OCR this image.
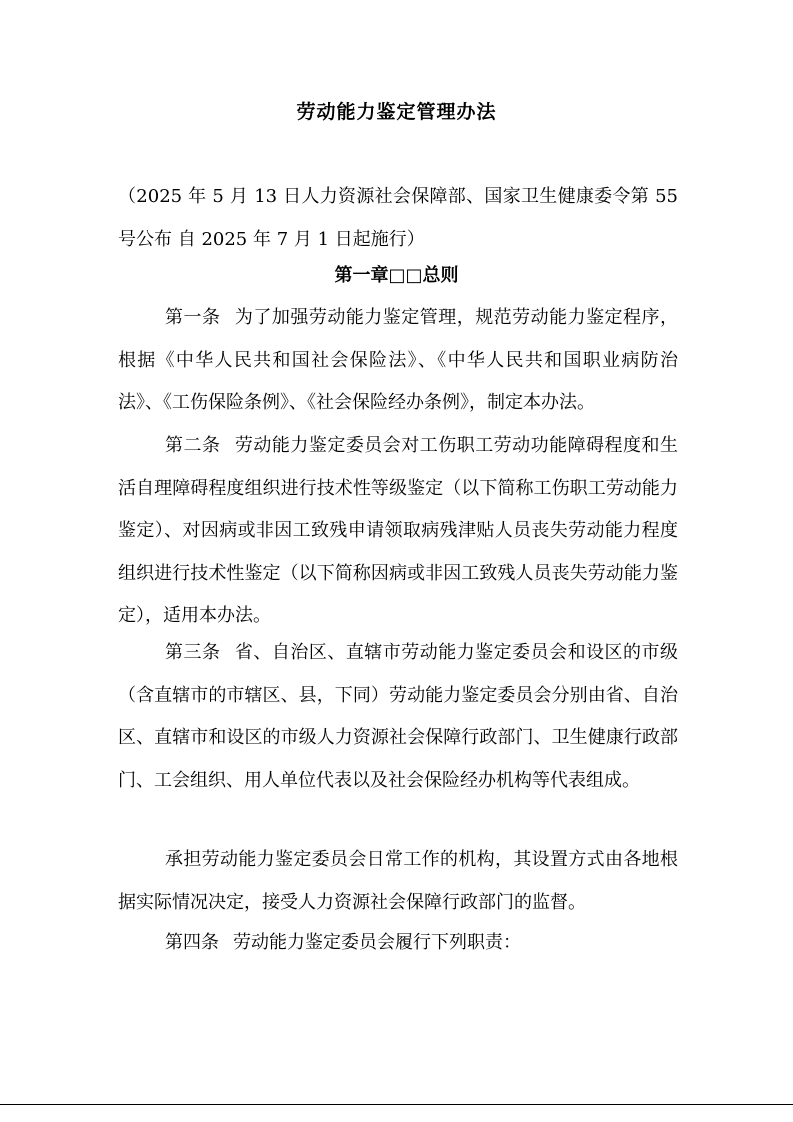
劳动能力鉴定管理办法

（2025 年 5 月 13 日人力资源社会保障部、国家卫生健康委令第 55 号公布 自 2025 年 7 月 1 日起施行）

第一章□□总则

第一条 为了加强劳动能力鉴定管理，规范劳动能力鉴定程序，根据《中华人民共和国社会保险法》、《中华人民共和国职业病防治法》、《工伤保险条例》、《社会保险经办条例》，制定本办法。

第二条 劳动能力鉴定委员会对工伤职工劳动功能障碍程度和生活自理障碍程度组织进行技术性等级鉴定（以下简称工伤职工劳动能力鉴定）、对因病或非因工致残申请领取病残津贴人员丧失劳动能力程度组织进行技术性鉴定（以下简称因病或非因工致残人员丧失劳动能力鉴定），适用本办法。

第三条 省、自治区、直辖市劳动能力鉴定委员会和设区的市级（含直辖市的市辖区、县，下同）劳动能力鉴定委员会分别由省、自治区、直辖市和设区的市级人力资源社会保障行政部门、卫生健康行政部门、工会组织、用人单位代表以及社会保险经办机构等代表组成。

承担劳动能力鉴定委员会日常工作的机构，其设置方式由各地根据实际情况决定，接受人力资源社会保障行政部门的监督。

第四条 劳动能力鉴定委员会履行下列职责：
